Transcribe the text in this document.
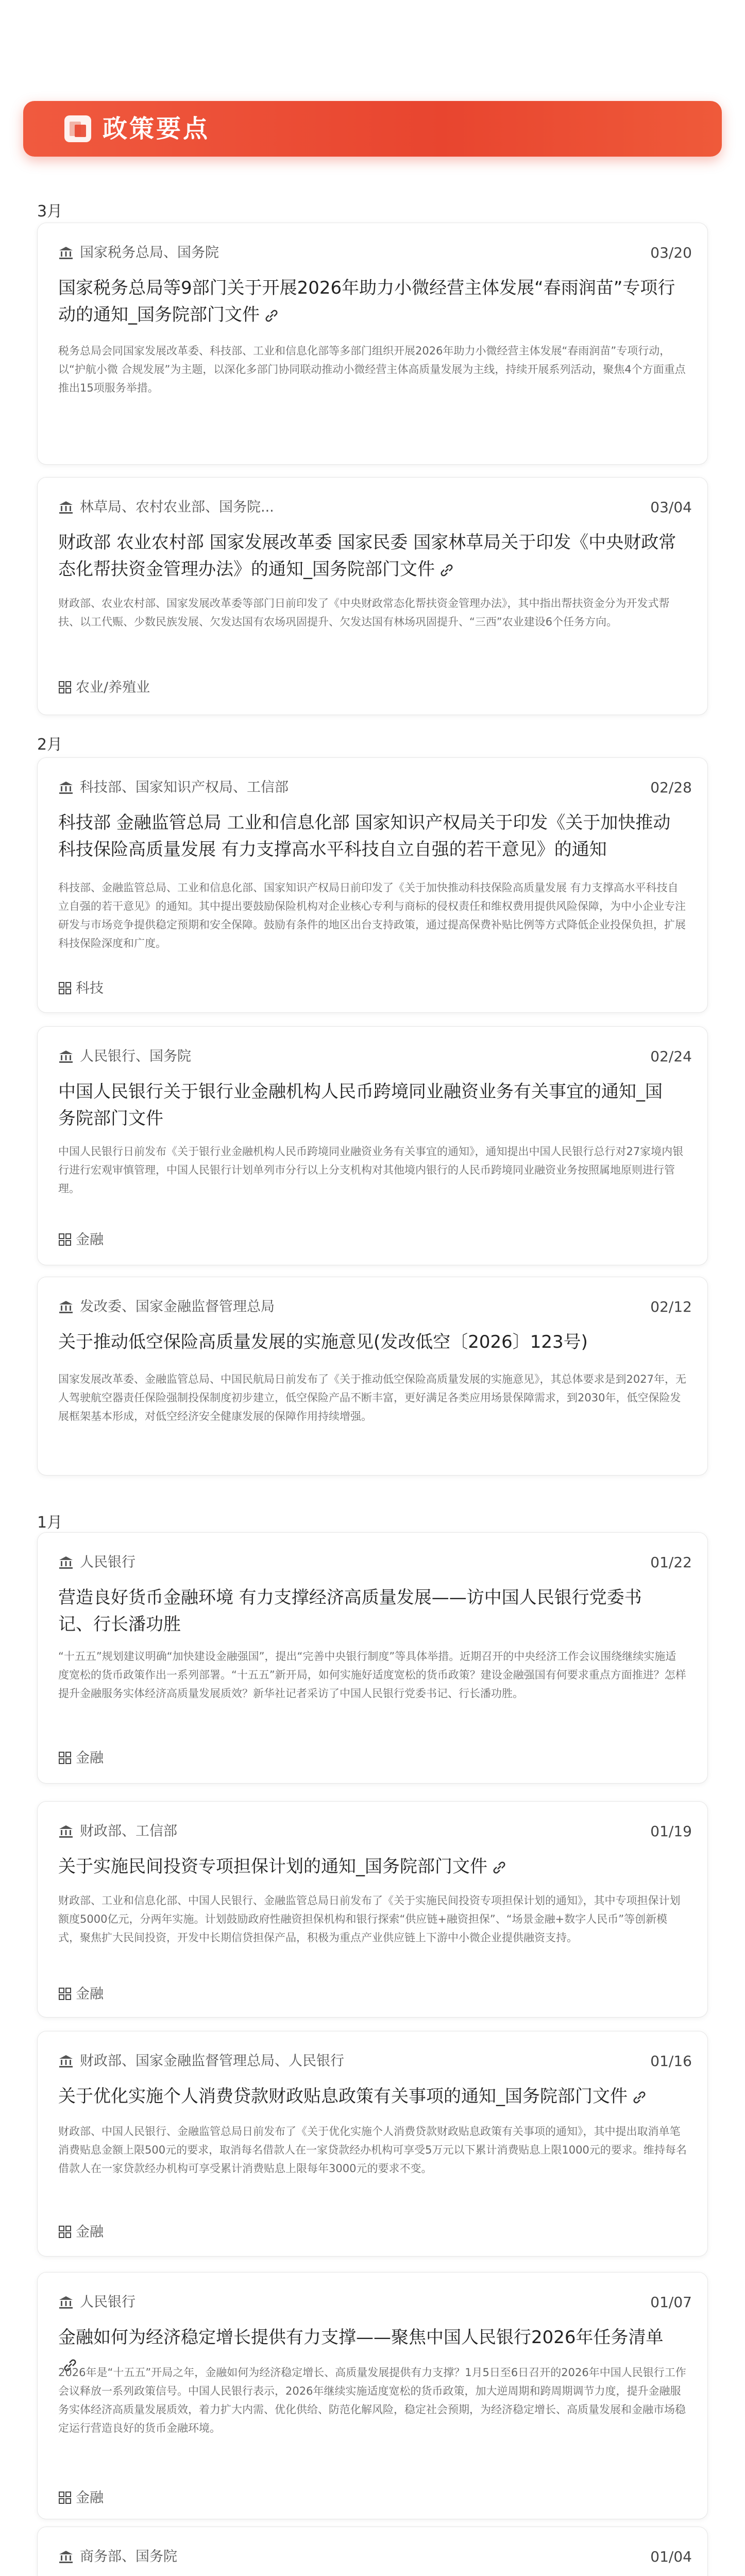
政策要点
3月
2月
1月
国家税务总局、国务院	03/20
国家税务总局等9部门关于开展2026年助力小微经营主体发展“春雨润苗”专项行动的通知_国务院部门文件
税务总局会同国家发展改革委、科技部、工业和信息化部等多部门组织开展2026年助力小微经营主体发展“春雨润苗”专项行动，以“护航小微 合规发展”为主题，以深化多部门协同联动推动小微经营主体高质量发展为主线，持续开展系列活动，聚焦4个方面重点推出15项服务举措。
林草局、农村农业部、国务院...	03/04
财政部 农业农村部 国家发展改革委 国家民委 国家林草局关于印发《中央财政常态化帮扶资金管理办法》的通知_国务院部门文件
财政部、农业农村部、国家发展改革委等部门日前印发了《中央财政常态化帮扶资金管理办法》，其中指出帮扶资金分为开发式帮扶、以工代赈、少数民族发展、欠发达国有农场巩固提升、欠发达国有林场巩固提升、“三西”农业建设6个任务方向。
农业/养殖业
科技部、国家知识产权局、工信部	02/28
科技部 金融监管总局 工业和信息化部 国家知识产权局关于印发《关于加快推动科技保险高质量发展 有力支撑高水平科技自立自强的若干意见》的通知
科技部、金融监管总局、工业和信息化部、国家知识产权局日前印发了《关于加快推动科技保险高质量发展 有力支撑高水平科技自立自强的若干意见》的通知。其中提出要鼓励保险机构对企业核心专利与商标的侵权责任和维权费用提供风险保障，为中小企业专注研发与市场竞争提供稳定预期和安全保障。鼓励有条件的地区出台支持政策，通过提高保费补贴比例等方式降低企业投保负担，扩展科技保险深度和广度。
科技
人民银行、国务院	02/24
中国人民银行关于银行业金融机构人民币跨境同业融资业务有关事宜的通知_国务院部门文件
中国人民银行日前发布《关于银行业金融机构人民币跨境同业融资业务有关事宜的通知》，通知提出中国人民银行总行对27家境内银行进行宏观审慎管理，中国人民银行计划单列市分行以上分支机构对其他境内银行的人民币跨境同业融资业务按照属地原则进行管理。
金融
发改委、国家金融监督管理总局	02/12
关于推动低空保险高质量发展的实施意见(发改低空〔2026〕123号)
国家发展改革委、金融监管总局、中国民航局日前发布了《关于推动低空保险高质量发展的实施意见》，其总体要求是到2027年，无人驾驶航空器责任保险强制投保制度初步建立，低空保险产品不断丰富，更好满足各类应用场景保障需求，到2030年，低空保险发展框架基本形成，对低空经济安全健康发展的保障作用持续增强。
人民银行	01/22
营造良好货币金融环境 有力支撑经济高质量发展——访中国人民银行党委书记、行长潘功胜
“十五五”规划建议明确“加快建设金融强国”，提出“完善中央银行制度”等具体举措。近期召开的中央经济工作会议围绕继续实施适度宽松的货币政策作出一系列部署。“十五五”新开局，如何实施好适度宽松的货币政策？建设金融强国有何要求重点方面推进？怎样提升金融服务实体经济高质量发展质效？新华社记者采访了中国人民银行党委书记、行长潘功胜。
金融
财政部、工信部	01/19
关于实施民间投资专项担保计划的通知_国务院部门文件
财政部、工业和信息化部、中国人民银行、金融监管总局日前发布了《关于实施民间投资专项担保计划的通知》，其中专项担保计划额度5000亿元，分两年实施。计划鼓励政府性融资担保机构和银行探索“供应链+融资担保”、“场景金融+数字人民币”等创新模式，聚焦扩大民间投资，开发中长期信贷担保产品，积极为重点产业供应链上下游中小微企业提供融资支持。
金融
财政部、国家金融监督管理总局、人民银行	01/16
关于优化实施个人消费贷款财政贴息政策有关事项的通知_国务院部门文件
财政部、中国人民银行、金融监管总局日前发布了《关于优化实施个人消费贷款财政贴息政策有关事项的通知》，其中提出取消单笔消费贴息金额上限500元的要求，取消每名借款人在一家贷款经办机构可享受5万元以下累计消费贴息上限1000元的要求。维持每名借款人在一家贷款经办机构可享受累计消费贴息上限每年3000元的要求不变。
金融
人民银行	01/07
金融如何为经济稳定增长提供有力支撑——聚焦中国人民银行2026年任务清单
2026年是“十五五”开局之年，金融如何为经济稳定增长、高质量发展提供有力支撑？1月5日至6日召开的2026年中国人民银行工作会议释放一系列政策信号。中国人民银行表示，2026年继续实施适度宽松的货币政策，加大逆周期和跨周期调节力度，提升金融服务实体经济高质量发展质效，着力扩大内需、优化供给、防范化解风险，稳定社会预期，为经济稳定增长、高质量发展和金融市场稳定运行营造良好的货币金融环境。
金融
商务部、国务院	01/04
